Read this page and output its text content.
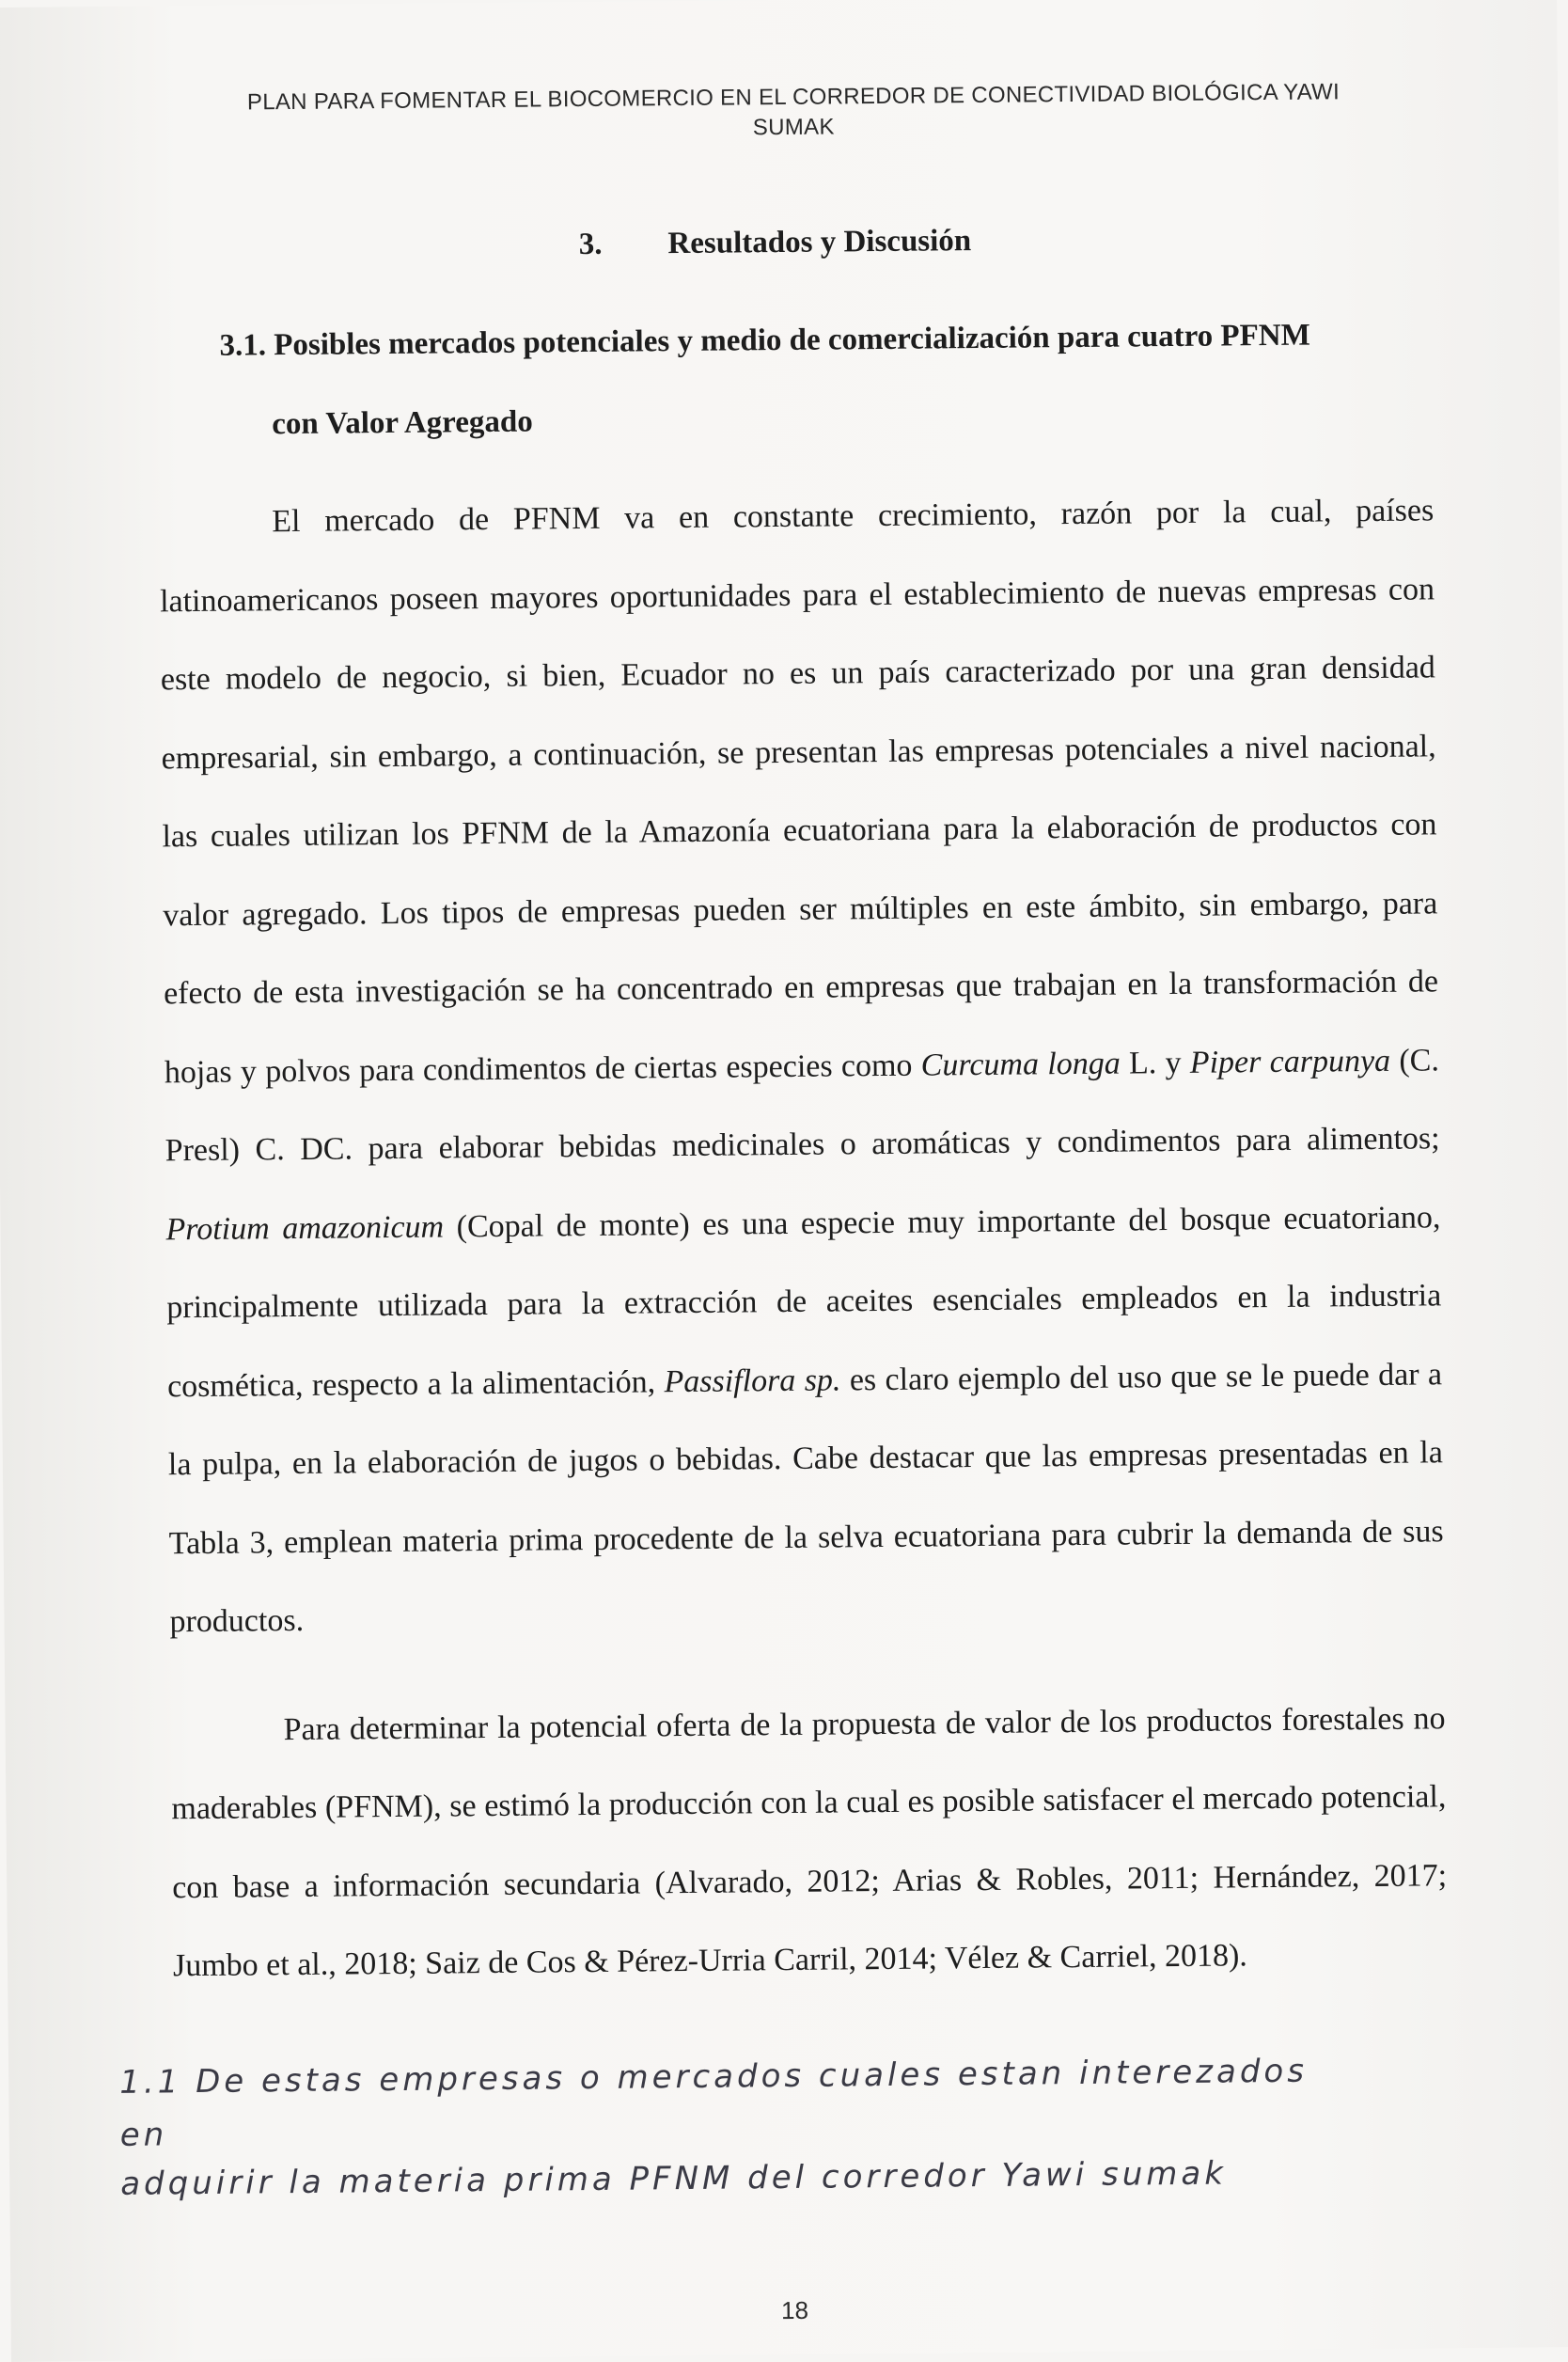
PLAN PARA FOMENTAR EL BIOCOMERCIO EN EL CORREDOR DE CONECTIVIDAD BIOLÓGICA YAWI
SUMAK
3. Resultados y Discusión
3.1. Posibles mercados potenciales y medio de comercialización para cuatro PFNM
con Valor Agregado

El mercado de PFNM va en constante crecimiento, razón por la cual, países latinoamericanos poseen mayores oportunidades para el establecimiento de nuevas empresas con este modelo de negocio, si bien, Ecuador no es un país caracterizado por una gran densidad empresarial, sin embargo, a continuación, se presentan las empresas potenciales a nivel nacional, las cuales utilizan los PFNM de la Amazonía ecuatoriana para la elaboración de productos con valor agregado. Los tipos de empresas pueden ser múltiples en este ámbito, sin embargo, para efecto de esta investigación se ha concentrado en empresas que trabajan en la transformación de hojas y polvos para condimentos de ciertas especies como Curcuma longa L. y Piper carpunya (C. Presl) C. DC. para elaborar bebidas medicinales o aromáticas y condimentos para alimentos; Protium amazonicum (Copal de monte) es una especie muy importante del bosque ecuatoriano, principalmente utilizada para la extracción de aceites esenciales empleados en la industria cosmética, respecto a la alimentación, Passiflora sp. es claro ejemplo del uso que se le puede dar a la pulpa, en la elaboración de jugos o bebidas. Cabe destacar que las empresas presentadas en la Tabla 3, emplean materia prima procedente de la selva ecuatoriana para cubrir la demanda de sus productos.

Para determinar la potencial oferta de la propuesta de valor de los productos forestales no maderables (PFNM), se estimó la producción con la cual es posible satisfacer el mercado potencial, con base a información secundaria (Alvarado, 2012; Arias & Robles, 2011; Hernández, 2017; Jumbo et al., 2018; Saiz de Cos & Pérez-Urria Carril, 2014; Vélez & Carriel, 2018).

1.1 De estas empresas o mercados cuales estan interezados en
adquirir la materia prima PFNM del corredor Yawi sumak
18
